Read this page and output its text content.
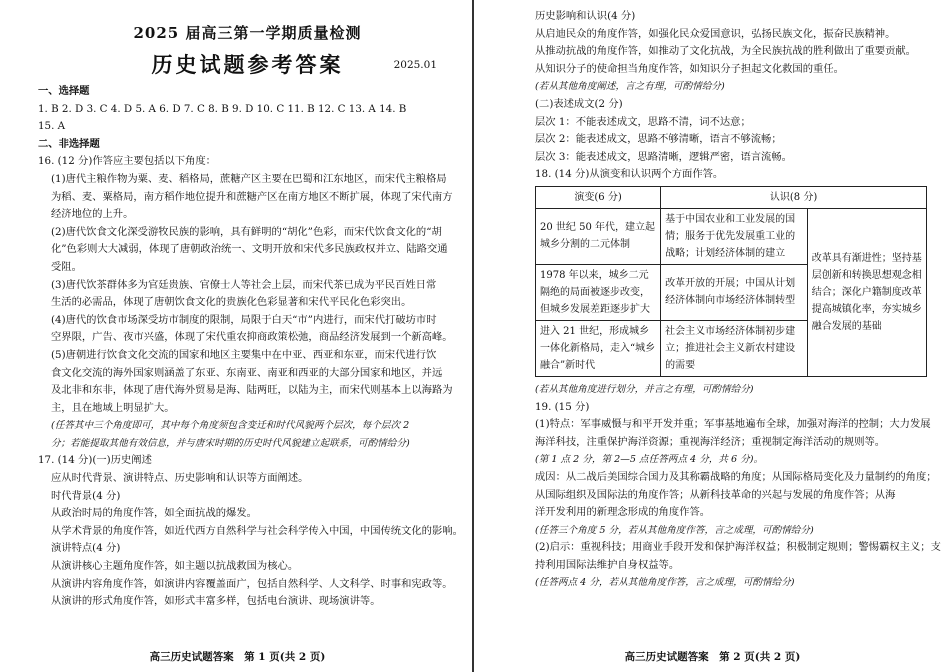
2025 届高三第一学期质量检测
历史试题参考答案	2025.01
一、选择题
1. B 2. D 3. C 4. D 5. A 6. D 7. C 8. B 9. D 10. C 11. B 12. C 13. A 14. B
15. A
二、非选择题
16. (12 分)作答应主要包括以下角度：
(1)唐代主粮作物为粟、麦、稻格局，蔗糖产区主要在巴蜀和江东地区，而宋代主粮格局
为稻、麦、粟格局，南方稻作地位提升和蔗糖产区在南方地区不断扩展，体现了宋代南方
经济地位的上升。
(2)唐代饮食文化深受游牧民族的影响，具有鲜明的“胡化”色彩，而宋代饮食文化的“胡
化”色彩则大大减弱，体现了唐朝政治统一、文明开放和宋代多民族政权并立、陆路交通
受阻。
(3)唐代饮茶群体多为官廷贵族、官僚士人等社会上层，而宋代茶已成为平民百姓日常
生活的必需品，体现了唐朝饮食文化的贵族化色彩显著和宋代平民化色彩突出。
(4)唐代的饮食市场深受坊市制度的限制，局限于白天“市”内进行，而宋代打破坊市时
空界限，广告、夜市兴盛，体现了宋代重农抑商政策松弛，商品经济发展到一个新高峰。
(5)唐朝进行饮食文化交流的国家和地区主要集中在中亚、西亚和东亚，而宋代进行饮
食文化交流的海外国家则涵盖了东亚、东南亚、南亚和西亚的大部分国家和地区，并远
及北非和东非，体现了唐代海外贸易是海、陆两旺，以陆为主，而宋代则基本上以海路为
主，且在地域上明显扩大。
(任答其中三个角度即可，其中每个角度须包含变迁和时代风貌两个层次，每个层次 2
分；若能提取其他有效信息，并与唐宋时期的历史时代风貌建立起联系，可酌情给分)
17. (14 分)(一)历史阐述
应从时代背景、演讲特点、历史影响和认识等方面阐述。
时代背景(4 分)
从政治时局的角度作答，如全面抗战的爆发。
从学术背景的角度作答，如近代西方自然科学与社会科学传入中国，中国传统文化的影响。
演讲特点(4 分)
从演讲核心主题角度作答，如主题以抗战救国为核心。
从演讲内容角度作答，如演讲内容覆盖面广，包括自然科学、人文科学、时事和宪政等。
从演讲的形式角度作答，如形式丰富多样，包括电台演讲、现场演讲等。
高三历史试题答案　第 1 页(共 2 页)
历史影响和认识(4 分)
从启迪民众的角度作答，如强化民众爱国意识，弘扬民族文化，振奋民族精神。
从推动抗战的角度作答，如推动了文化抗战，为全民族抗战的胜利做出了重要贡献。
从知识分子的使命担当角度作答，如知识分子担起文化救国的重任。
(若从其他角度阐述，言之有理，可酌情给分)
(二)表述成文(2 分)
层次 1：不能表述成文，思路不清，词不达意；
层次 2：能表述成文，思路不够清晰，语言不够流畅；
层次 3：能表述成文，思路清晰，逻辑严密，语言流畅。
18. (14 分)从演变和认识两个方面作答。
演变(6 分)	认识(8 分)	
20 世纪 50 年代，建立起城乡分割的二元体制	基于中国农业和工业发展的国情；服务于优先发展重工业的战略；计划经济体制的建立	改革具有渐进性；坚持基层创新和转换思想观念相结合；深化户籍制度改革提高城镇化率，夯实城乡融合发展的基础
1978 年以来，城乡二元隔绝的局面被逐步改变，但城乡发展差距逐步扩大	改革开放的开展；中国从计划经济体制向市场经济体制转型	
进入 21 世纪，形成城乡一体化新格局，走入“城乡融合”新时代	社会主义市场经济体制初步建立；推进社会主义新农村建设的需要	
(若从其他角度进行划分，并言之有理，可酌情给分)
19. (15 分)
(1)特点：军事威慑与和平开发并重；军事基地遍布全球，加强对海洋的控制；大力发展
海洋科技，注重保护海洋资源；重视海洋经济；重视制定海洋活动的规则等。
(第 1 点 2 分，第 2—5 点任答两点 4 分，共 6 分)。
成因：从二战后美国综合国力及其称霸战略的角度；从国际格局变化及力量制约的角度；
从国际组织及国际法的角度作答；从新科技革命的兴起与发展的角度作答；从海
洋开发利用的新理念形成的角度作答。
(任答三个角度 5 分，若从其他角度作答，言之成理，可酌情给分)
(2)启示：重视科技；用商业手段开发和保护海洋权益；积极制定规则；警惕霸权主义；支
持利用国际法维护自身权益等。
(任答两点 4 分，若从其他角度作答，言之成理，可酌情给分)
高三历史试题答案　第 2 页(共 2 页)
